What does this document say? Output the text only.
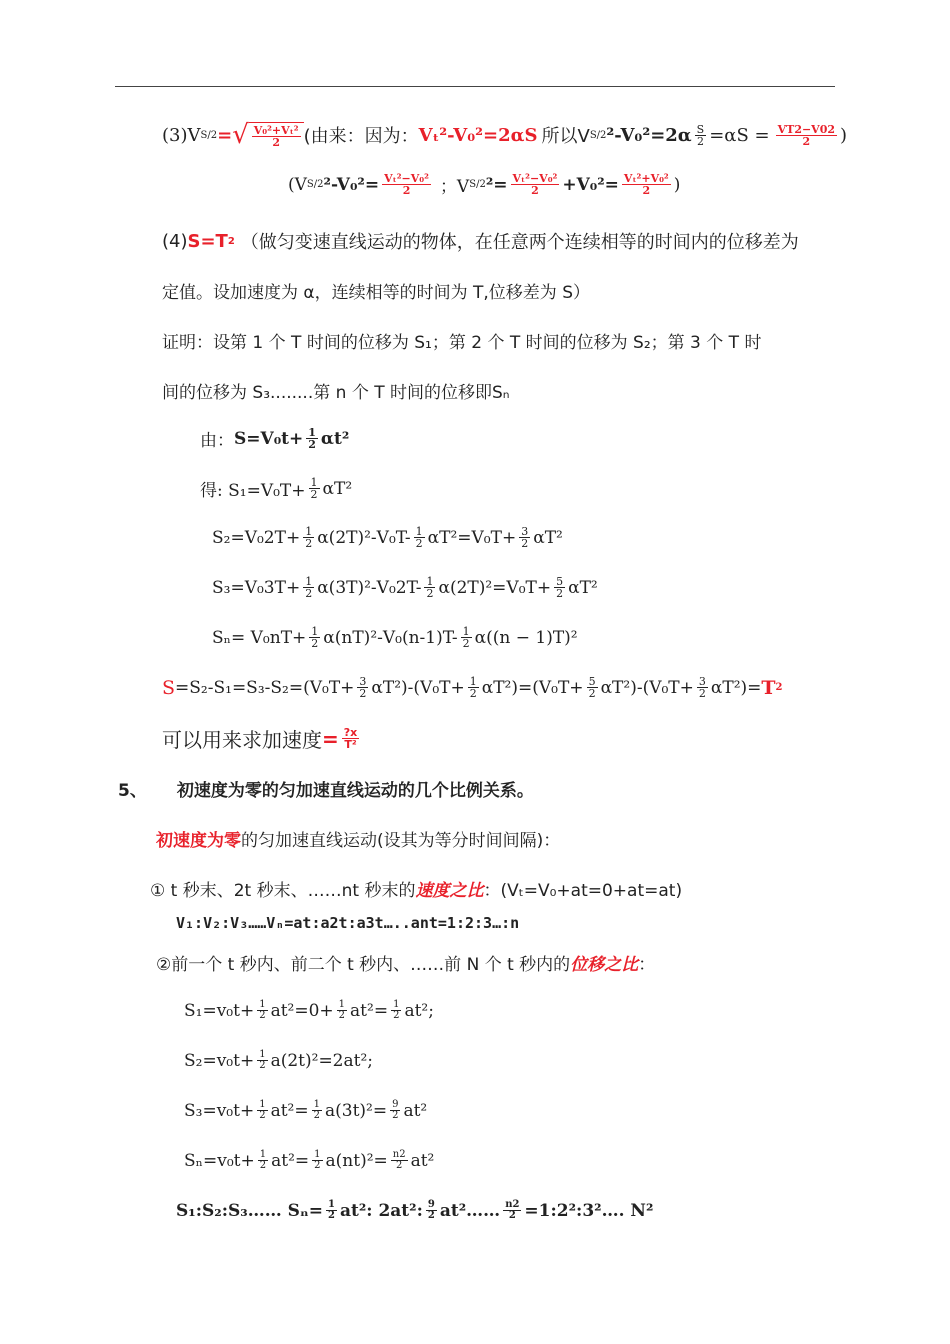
(3)V S/2 = √ $\frac{\text{V₀²+Vₜ²}}{2}$ (由来：因为： Vₜ²-V₀²=2αS 所以V S/2 $^2-V_0^2=2\alpha \frac{S}{2} =\alpha S = \frac{VT2-V02}{2}$ )
(V S/2 $^2-V_0^2= \frac{\text{Vₜ²−V₀²}}{2}$ ；V S/2 $^2= \frac{\text{Vₜ²−V₀²}}{2} +V_0^2= \frac{\text{Vₜ²+V₀²}}{2}$ )
(4) S=T 2 （做匀变速直线运动的物体，在任意两个连续相等的时间内的位移差为
定值。设加速度为 α，连续相等的时间为 T,位移差为 S）
证明：设第 1 个 T 时间的位移为 S₁；第 2 个 T 时间的位移为 S₂；第 3 个 T 时
间的位移为 S₃........第 n 个 T 时间的位移即Sₙ
由： $S=V_0t+ \frac{1}{2} \alpha t^2$
得: $S_1=V_0T+ \frac{1}{2} \alpha T^2$
$S_2=V_02T+ \frac{1}{2} \alpha(2T)^2-V_0T- \frac{1}{2} \alpha T^2=V_0T+ \frac{3}{2} \alpha T^2$
$S_3=V_03T+ \frac{1}{2} \alpha(3T)^2-V_02T- \frac{1}{2} \alpha(2T)^2=V_0T+ \frac{5}{2} \alpha T^2$
$S_n= V_0nT+ \frac{1}{2} \alpha(nT)^2-V_0(n-1)T- \frac{1}{2} \alpha((n - 1)T)^2$
$S =S_2-S_1=S_3-S_2=(V_0T+ \frac{3}{2} \alpha T^2)-(V_0T+ \frac{1}{2} \alpha T^2)=(V_0T+ \frac{5}{2} \alpha T^2)-(V_0T+ \frac{3}{2} \alpha T^2)= T$ 2
可以用来求加速度 = $\frac{?x}{\text{T²}}$
5、 初速度为零的匀加速直线运动的几个比例关系。
初速度为零 的匀加速直线运动(设其为等分时间间隔)：
① t 秒末、2t 秒末、……nt 秒末的 速度之比 ：(Vₜ=V₀+at=0+at=at)
V₁:V₂:V₃……Vₙ=at:a2t:a3t…..ant=1:2:3…:n
②前一个 t 秒内、前二个 t 秒内、……前 N 个 t 秒内的 位移之比 ：
$S_1=v_0t+ \frac{1}{2} at^2=0+ \frac{1}{2} at^2= \frac{1}{2} at^2$;
$S_2=v_0t+ \frac{1}{2} a(2t)^2=2at^2$;
$S_3=v_0t+ \frac{1}{2} at^2= \frac{1}{2} a(3t)^2= \frac{9}{2} at^2$
$S_n=v_0t+ \frac{1}{2} at^2= \frac{1}{2} a(nt)^2= \frac{n2}{2} at^2$
S₁:S₂:S₃…… $S_n= \frac{1}{2} at^2$: 2at²: $\frac{9}{2}$ at²…… $\frac{n2}{2}$ =1:2²:3²…. N²
